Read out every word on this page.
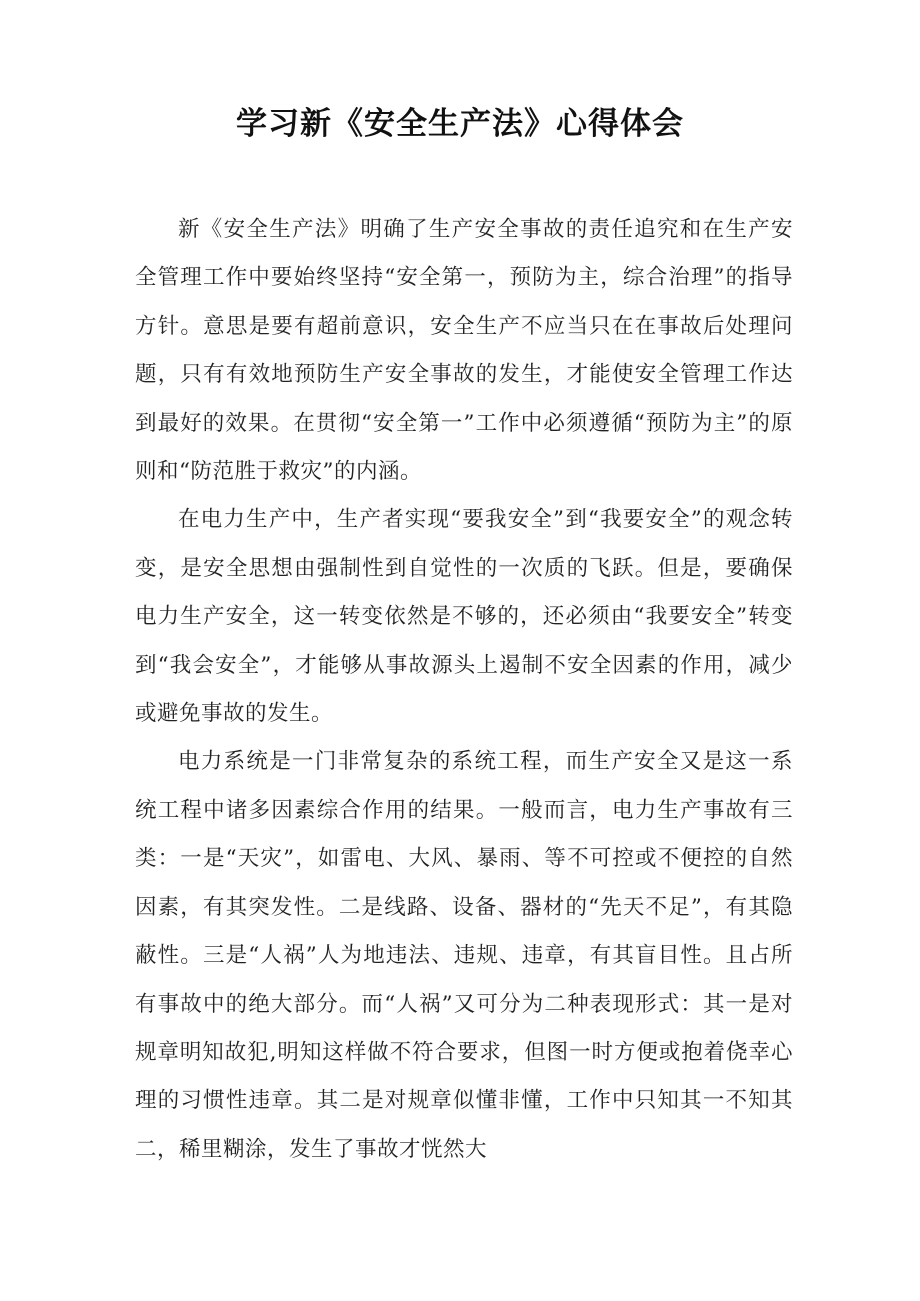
学习新《安全生产法》心得体会

新《安全生产法》明确了生产安全事故的责任追究和在生产安全管理工作中要始终坚持“安全第一，预防为主，综合治理”的指导方针。意思是要有超前意识，安全生产不应当只在在事故后处理问题，只有有效地预防生产安全事故的发生，才能使安全管理工作达到最好的效果。在贯彻“安全第一”工作中必须遵循“预防为主”的原则和“防范胜于救灾”的内涵。

在电力生产中，生产者实现“要我安全”到“我要安全”的观念转变，是安全思想由强制性到自觉性的一次质的飞跃。但是，要确保电力生产安全，这一转变依然是不够的，还必须由“我要安全”转变到“我会安全”，才能够从事故源头上遏制不安全因素的作用，减少或避免事故的发生。

电力系统是一门非常复杂的系统工程，而生产安全又是这一系统工程中诸多因素综合作用的结果。一般而言，电力生产事故有三类：一是“天灾”，如雷电、大风、暴雨、等不可控或不便控的自然因素，有其突发性。二是线路、设备、器材的“先天不足”，有其隐蔽性。三是“人祸”人为地违法、违规、违章，有其盲目性。且占所有事故中的绝大部分。而“人祸”又可分为二种表现形式：其一是对规章明知故犯,明知这样做不符合要求，但图一时方便或抱着侥幸心理的习惯性违章。其二是对规章似懂非懂，工作中只知其一不知其二，稀里糊涂，发生了事故才恍然大
